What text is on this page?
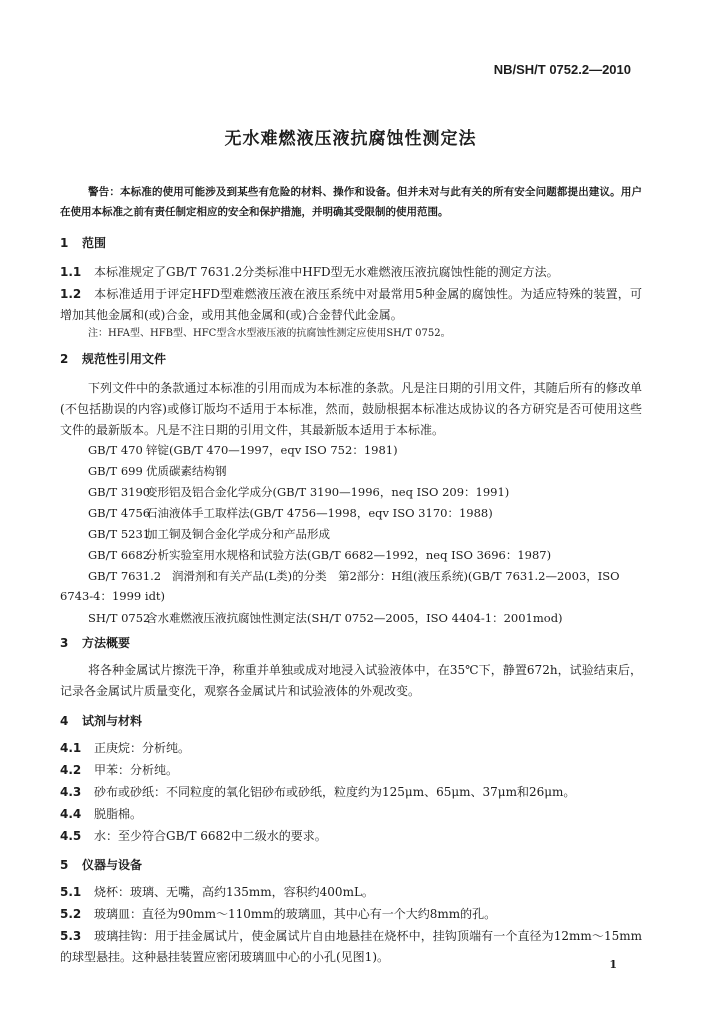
NB/SH/T 0752.2—2010
无水难燃液压液抗腐蚀性测定法
警告：本标准的使用可能涉及到某些有危险的材料、操作和设备。但并未对与此有关的所有安全问题都提出建议。用户在使用本标准之前有责任制定相应的安全和保护措施，并明确其受限制的使用范围。
1 范围
1.1 本标准规定了GB/T 7631.2分类标准中HFD型无水难燃液压液抗腐蚀性能的测定方法。
1.2 本标准适用于评定HFD型难燃液压液在液压系统中对最常用5种金属的腐蚀性。为适应特殊的装置，可增加其他金属和(或)合金，或用其他金属和(或)合金替代此金属。
注：HFA型、HFB型、HFC型含水型液压液的抗腐蚀性测定应使用SH/T 0752。
2 规范性引用文件
下列文件中的条款通过本标准的引用而成为本标准的条款。凡是注日期的引用文件，其随后所有的修改单(不包括勘误的内容)或修订版均不适用于本标准，然而，鼓励根据本标准达成协议的各方研究是否可使用这些文件的最新版本。凡是不注日期的引用文件，其最新版本适用于本标准。
GB/T 470 锌锭(GB/T 470—1997，eqv ISO 752：1981)
GB/T 699 优质碳素结构钢
GB/T 3190变形铝及铝合金化学成分(GB/T 3190—1996，neq ISO 209：1991)
GB/T 4756石油液体手工取样法(GB/T 4756—1998，eqv ISO 3170：1988)
GB/T 5231加工铜及铜合金化学成分和产品形成
GB/T 6682分析实验室用水规格和试验方法(GB/T 6682—1992，neq ISO 3696：1987)
GB/T 7631.2 润滑剂和有关产品(L类)的分类　第2部分：H组(液压系统)(GB/T 7631.2—2003，ISO 6743-4：1999 idt)
SH/T 0752含水难燃液压液抗腐蚀性测定法(SH/T 0752—2005，ISO 4404-1：2001mod)
3 方法概要
将各种金属试片擦洗干净，称重并单独或成对地浸入试验液体中，在35℃下，静置672h，试验结束后，记录各金属试片质量变化，观察各金属试片和试验液体的外观改变。
4 试剂与材料
4.1 正庚烷：分析纯。
4.2 甲苯：分析纯。
4.3 砂布或砂纸：不同粒度的氧化铝砂布或砂纸，粒度约为125μm、65μm、37μm和26μm。
4.4 脱脂棉。
4.5 水：至少符合GB/T 6682中二级水的要求。
5 仪器与设备
5.1 烧杯：玻璃、无嘴，高约135mm，容积约400mL。
5.2 玻璃皿：直径为90mm～110mm的玻璃皿，其中心有一个大约8mm的孔。
5.3 玻璃挂钩：用于挂金属试片，使金属试片自由地悬挂在烧杯中，挂钩顶端有一个直径为12mm～15mm的球型悬挂。这种悬挂装置应密闭玻璃皿中心的小孔(见图1)。
1
